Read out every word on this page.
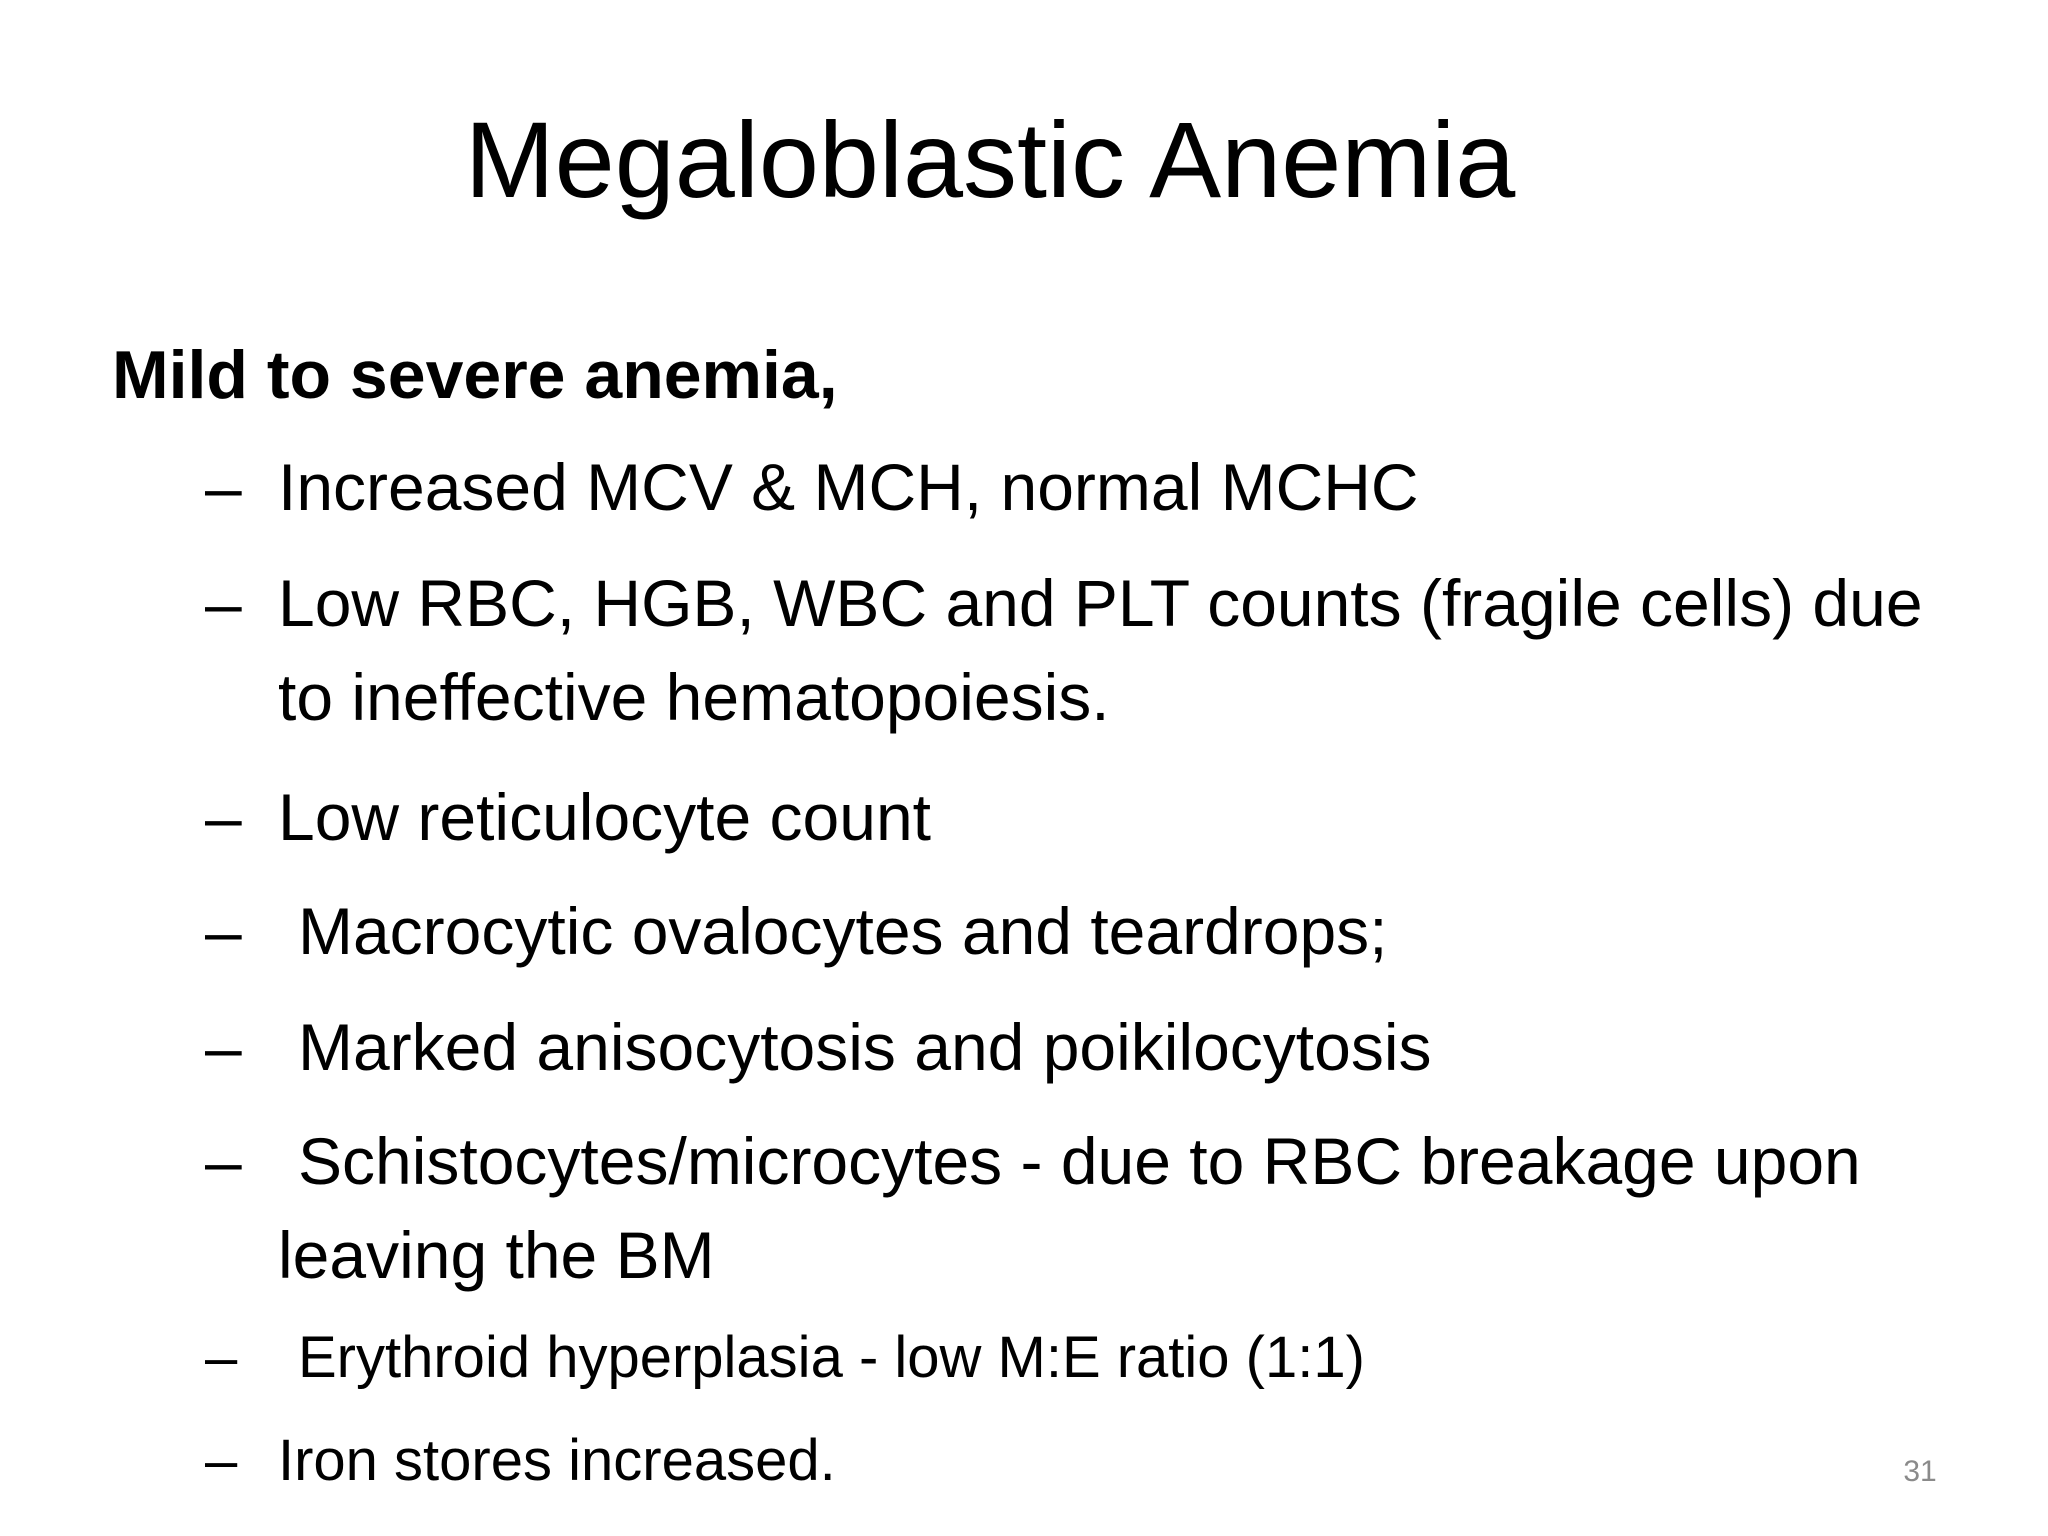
Megaloblastic Anemia
Mild to severe anemia,
– Increased MCV & MCH, normal MCHC
– Low RBC, HGB, WBC and PLT counts (fragile cells) due
to ineffective hematopoiesis.
– Low reticulocyte count
– Macrocytic ovalocytes and teardrops;
– Marked anisocytosis and poikilocytosis
– Schistocytes/microcytes - due to RBC breakage upon
leaving the BM
–	Erythroid hyperplasia - low M:E ratio (1:1)
– Iron stores increased.	31
